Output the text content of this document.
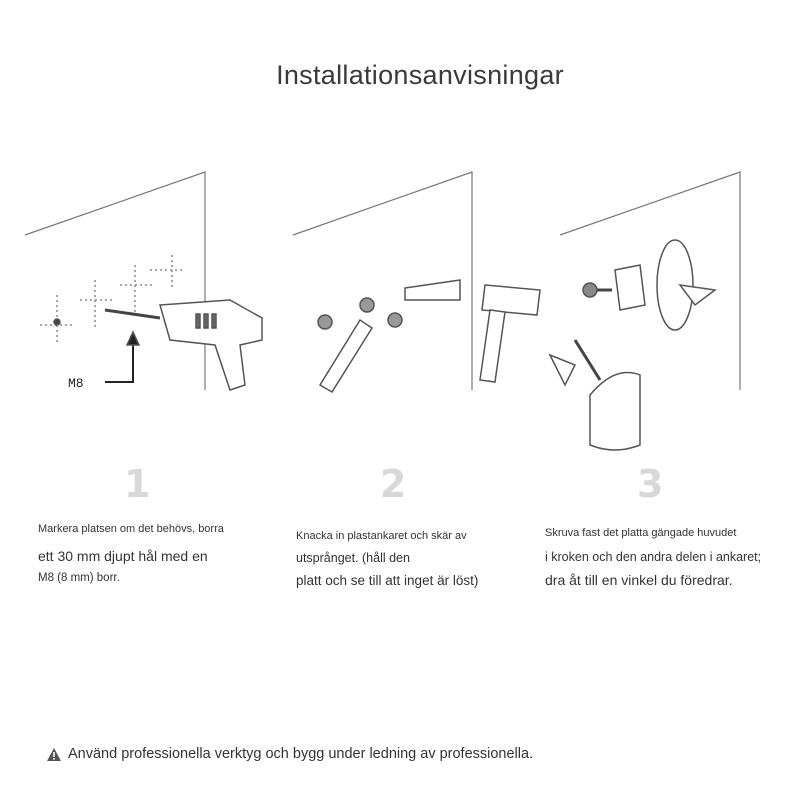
Installationsanvisningar
M8
1	2	3
Markera platsen om det behövs, borra
ett 30 mm djupt hål med en
M8 (8 mm) borr.
Knacka in plastankaret och skär av
utsprånget. (håll den
platt och se till att inget är löst)
Skruva fast det platta gängade huvudet
i kroken och den andra delen i ankaret;
dra åt till en vinkel du föredrar.
Använd professionella verktyg och bygg under ledning av professionella.
